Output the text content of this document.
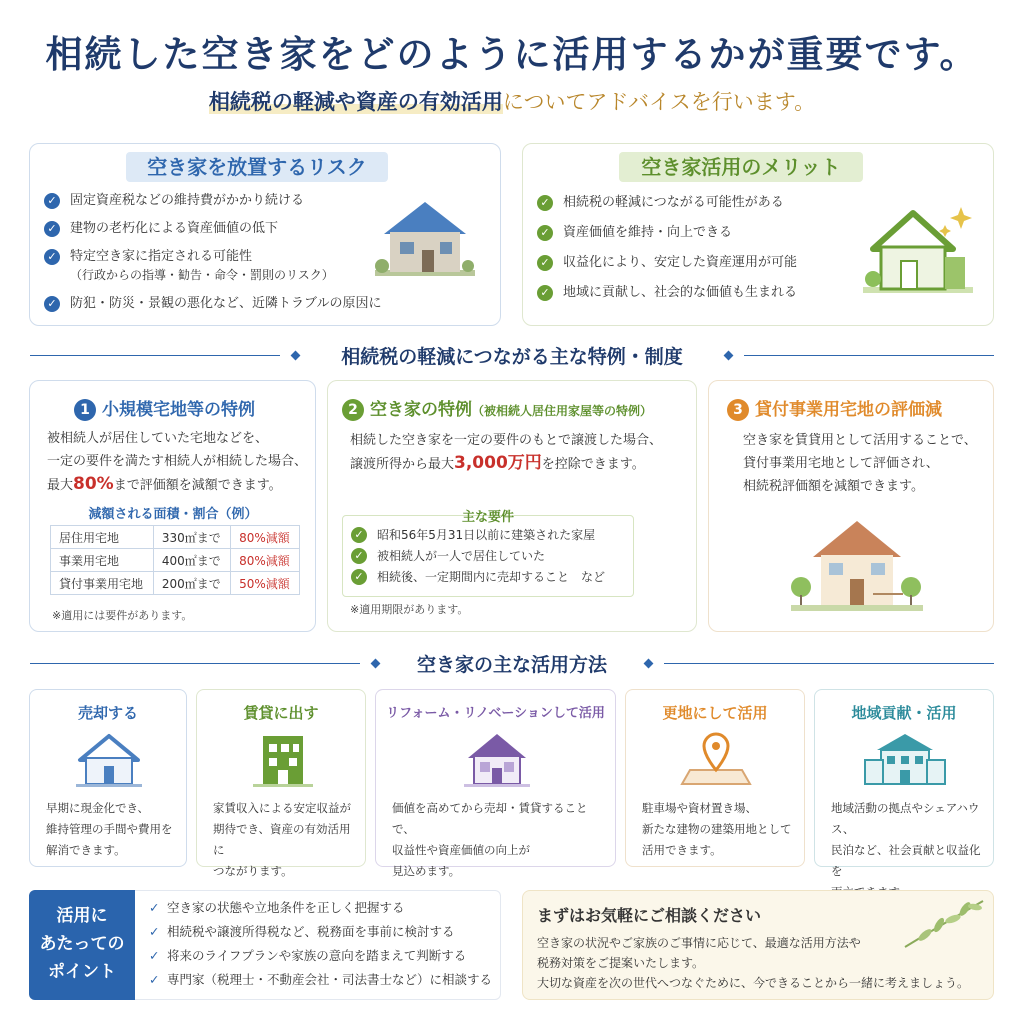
相続した空き家をどのように活用するかが重要です。
相続税の軽減や資産の有効活用についてアドバイスを行います。
空き家を放置するリスク
✓ 固定資産税などの維持費がかかり続ける
✓ 建物の老朽化による資産価値の低下
✓ 特定空き家に指定される可能性
（行政からの指導・勧告・命令・罰則のリスク）
✓ 防犯・防災・景観の悪化など、近隣トラブルの原因に
空き家活用のメリット
✓ 相続税の軽減につながる可能性がある
✓ 資産価値を維持・向上できる
✓ 収益化により、安定した資産運用が可能
✓ 地域に貢献し、社会的な価値も生まれる
相続税の軽減につながる主な特例・制度
1 小規模宅地等の特例
被相続人が居住していた宅地などを、
一定の要件を満たす相続人が相続した場合、
最大80%まで評価額を減額できます。
減額される面積・割合（例）
居住用宅地	330㎡まで	80%減額
事業用宅地	400㎡まで	80%減額
貸付事業用宅地	200㎡まで	50%減額
※適用には要件があります。
2 空き家の特例（被相続人居住用家屋等の特例）
相続した空き家を一定の要件のもとで譲渡した場合、
譲渡所得から最大3,000万円を控除できます。
主な要件
✓ 昭和56年5月31日以前に建築された家屋
✓ 被相続人が一人で居住していた
✓ 相続後、一定期間内に売却すること　など
※適用期限があります。
3 貸付事業用宅地の評価減
空き家を賃貸用として活用することで、
貸付事業用宅地として評価され、
相続税評価額を減額できます。
空き家の主な活用方法
売却する
早期に現金化でき、
維持管理の手間や費用を
解消できます。
賃貸に出す
家賃収入による安定収益が
期待でき、資産の有効活用に
つながります。
リフォーム・リノベーションして活用
価値を高めてから売却・賃貸することで、
収益性や資産価値の向上が
見込めます。
更地にして活用
駐車場や資材置き場、
新たな建物の建築用地として
活用できます。
地域貢献・活用
地域活動の拠点やシェアハウス、
民泊など、社会貢献と収益化を
活用に
あたっての
ポイント
✓ 空き家の状態や立地条件を正しく把握する
✓ 相続税や譲渡所得税など、税務面を事前に検討する
✓ 将来のライフプランや家族の意向を踏まえて判断する
✓ 専門家（税理士・不動産会社・司法書士など）に相談する
まずはお気軽にご相談ください
空き家の状況やご家族のご事情に応じて、最適な活用方法や
税務対策をご提案いたします。
大切な資産を次の世代へつなぐために、今できることから一緒に考えましょう。
